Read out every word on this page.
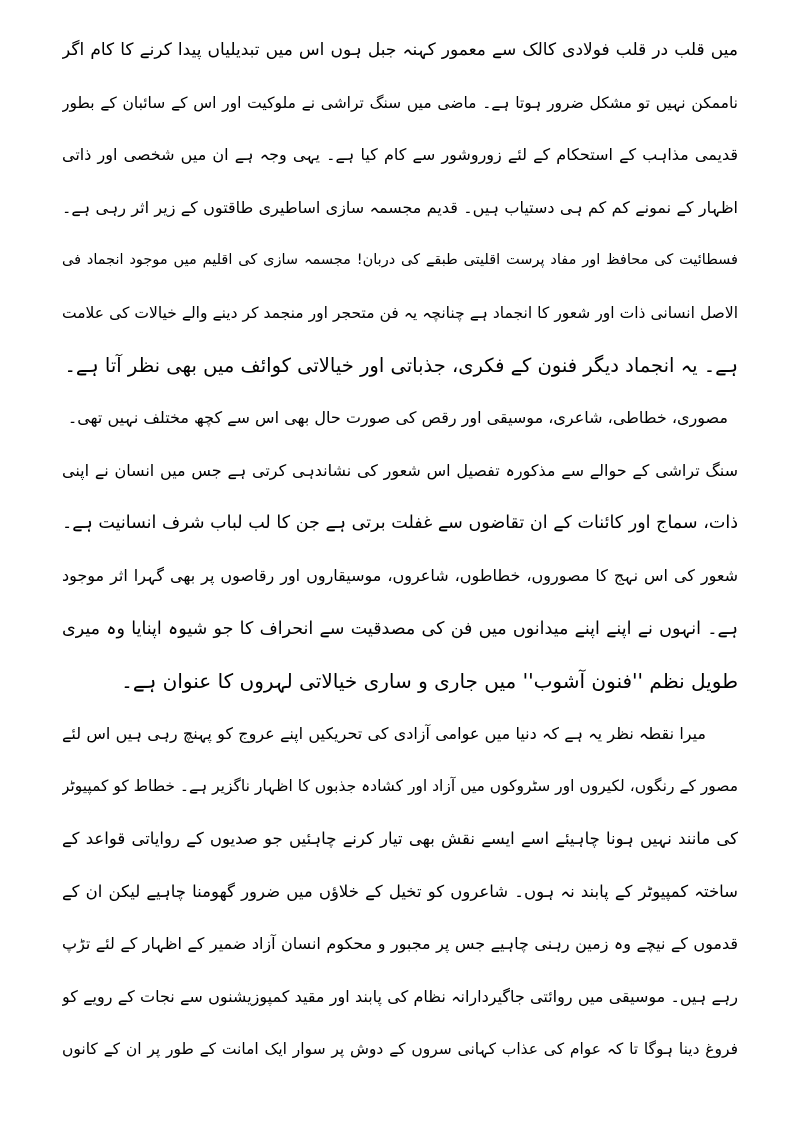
میں قلب در قلب فولادی کالک سے معمور کہنہ جبل ہوں اس میں تبدیلیاں پیدا کرنے کا کام اگر
ناممکن نہیں تو مشکل ضرور ہوتا ہے۔ ماضی میں سنگ تراشی نے ملوکیت اور اس کے سائبان کے بطور
قدیمی مذاہب کے استحکام کے لئے زوروشور سے کام کیا ہے۔ یہی وجہ ہے ان میں شخصی اور ذاتی
اظہار کے نمونے کم کم ہی دستیاب ہیں۔ قدیم مجسمہ سازی اساطیری طاقتوں کے زیر اثر رہی ہے۔
فسطائیت کی محافظ اور مفاد پرست اقلیتی طبقے کی دربان! مجسمہ سازی کی اقلیم میں موجود انجماد فی
الاصل انسانی ذات اور شعور کا انجماد ہے چنانچہ یہ فن متحجر اور منجمد کر دینے والے خیالات کی علامت
ہے۔ یہ انجماد دیگر فنون کے فکری، جذباتی اور خیالاتی کوائف میں بھی نظر آتا ہے۔
مصوری، خطاطی، شاعری، موسیقی اور رقص کی صورت حال بھی اس سے کچھ مختلف نہیں تھی۔
سنگ تراشی کے حوالے سے مذکورہ تفصیل اس شعور کی نشاندہی کرتی ہے جس میں انسان نے اپنی
ذات، سماج اور کائنات کے ان تقاضوں سے غفلت برتی ہے جن کا لب لباب شرف انسانیت ہے۔
شعور کی اس نہج کا مصوروں، خطاطوں، شاعروں، موسیقاروں اور رقاصوں پر بھی گہرا اثر موجود
ہے۔ انہوں نے اپنے اپنے میدانوں میں فن کی مصدقیت سے انحراف کا جو شیوہ اپنایا وہ میری
طویل نظم ''فنون آشوب'' میں جاری و ساری خیالاتی لہروں کا عنوان ہے۔
میرا نقطہ نظر یہ ہے کہ دنیا میں عوامی آزادی کی تحریکیں اپنے عروج کو پہنچ رہی ہیں اس لئے
مصور کے رنگوں، لکیروں اور سٹروکوں میں آزاد اور کشادہ جذبوں کا اظہار ناگزیر ہے۔ خطاط کو کمپیوٹر
کی مانند نہیں ہونا چاہیئے اسے ایسے نقش بھی تیار کرنے چاہئیں جو صدیوں کے روایاتی قواعد کے
ساختہ کمپیوٹر کے پابند نہ ہوں۔ شاعروں کو تخیل کے خلاؤں میں ضرور گھومنا چاہیے لیکن ان کے
قدموں کے نیچے وہ زمین رہنی چاہیے جس پر مجبور و محکوم انسان آزاد ضمیر کے اظہار کے لئے تڑپ
رہے ہیں۔ موسیقی میں روائتی جاگیردارانہ نظام کی پابند اور مقید کمپوزیشنوں سے نجات کے رویے کو
فروغ دینا ہوگا تا کہ عوام کی عذاب کہانی سروں کے دوش پر سوار ایک امانت کے طور پر ان کے کانوں
